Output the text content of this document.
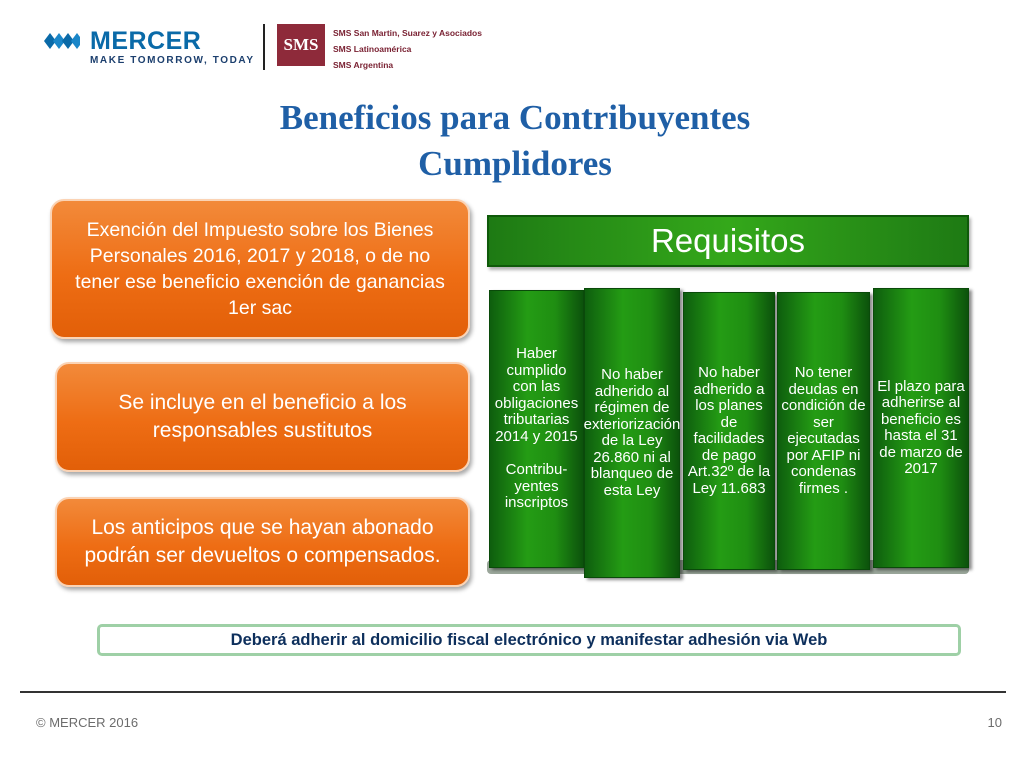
MERCER
MAKE TOMORROW, TODAY
SMS
SMS San Martin, Suarez y Asociados
SMS Latinoamérica
SMS Argentina
Beneficios para Contribuyentes
Cumplidores
Exención del Impuesto sobre los Bienes Personales 2016, 2017 y 2018, o de no tener ese beneficio exención de ganancias 1er sac
Se incluye en el beneficio a los responsables sustitutos
Los anticipos que se hayan abonado podrán ser devueltos o compensados.
Requisitos
Haber cumplido con las obligaciones tributarias 2014 y 2015
Contribu-yentes inscriptos
No haber adherido al régimen de exteriorización de la Ley 26.860 ni al blanqueo de esta Ley
No haber adherido a los planes de facilidades de pago Art.32º de la Ley 11.683
No tener deudas en condición de ser ejecutadas por AFIP ni condenas firmes .
El plazo para adherirse al beneficio es hasta el 31 de marzo de 2017
Deberá adherir al domicilio fiscal electrónico y manifestar adhesión via Web
© MERCER 2016	10
